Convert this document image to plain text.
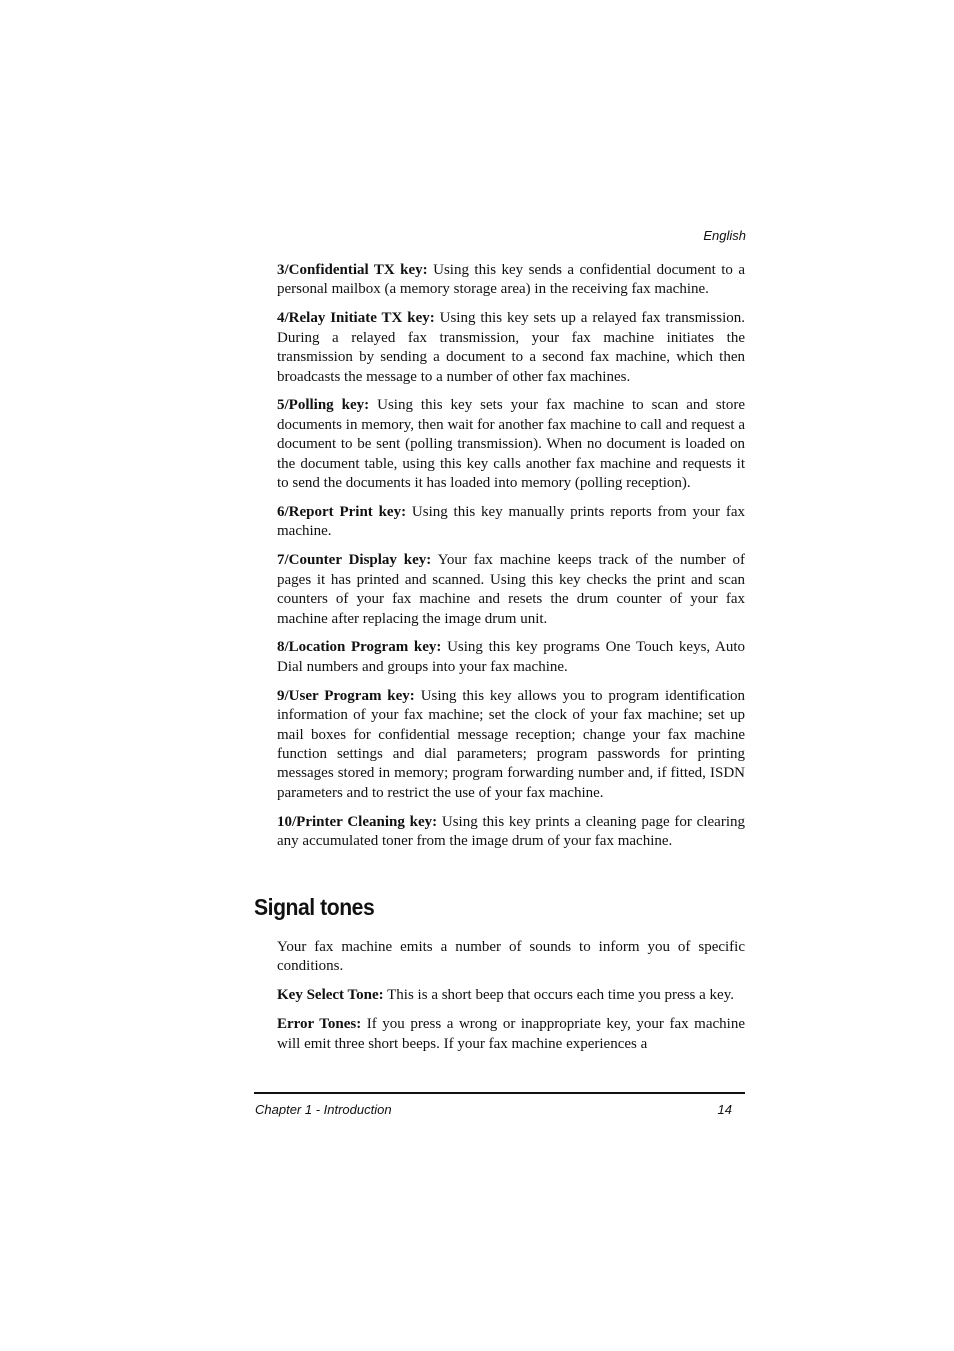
English

3/Confidential TX key: Using this key sends a confidential document to a personal mailbox (a memory storage area) in the receiving fax machine.

4/Relay Initiate TX key: Using this key sets up a relayed fax transmission. During a relayed fax transmission, your fax machine initiates the transmission by sending a document to a second fax machine, which then broadcasts the message to a number of other fax machines.

5/Polling key: Using this key sets your fax machine to scan and store documents in memory, then wait for another fax machine to call and request a document to be sent (polling transmission). When no document is loaded on the document table, using this key calls another fax machine and requests it to send the documents it has loaded into memory (polling reception).

6/Report Print key: Using this key manually prints reports from your fax machine.

7/Counter Display key: Your fax machine keeps track of the number of pages it has printed and scanned. Using this key checks the print and scan counters of your fax machine and resets the drum counter of your fax machine after replacing the image drum unit.

8/Location Program key: Using this key programs One Touch keys, Auto Dial numbers and groups into your fax machine.

9/User Program key: Using this key allows you to program identification information of your fax machine; set the clock of your fax machine; set up mail boxes for confidential message reception; change your fax machine function settings and dial parameters; program passwords for printing messages stored in memory; program forwarding number and, if fitted, ISDN parameters and to restrict the use of your fax machine.

10/Printer Cleaning key: Using this key prints a cleaning page for clearing any accumulated toner from the image drum of your fax machine.

Signal tones

Your fax machine emits a number of sounds to inform you of specific conditions.

Key Select Tone: This is a short beep that occurs each time you press a key.

Error Tones: If you press a wrong or inappropriate key, your fax machine will emit three short beeps. If your fax machine experiences a

Chapter 1 - Introduction	14
